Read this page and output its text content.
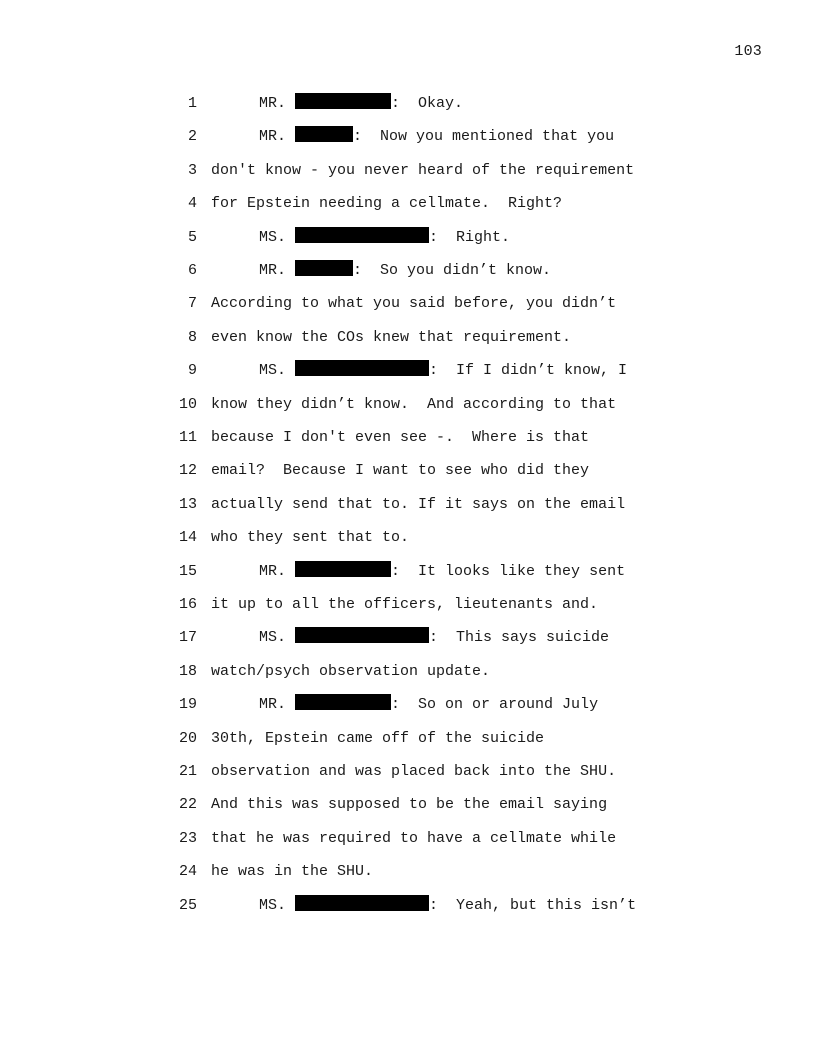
103
1	MR.	:  Okay.
2	MR.	:  Now you mentioned that you
3 don't know - you never heard of the requirement
4 for Epstein needing a cellmate.  Right?
5	MS.	:  Right.
6	MR.	:  So you didn’t know.
7 According to what you said before, you didn’t
8 even know the COs knew that requirement.
9	MS.	:  If I didn’t know, I
10 know they didn’t know.  And according to that
11 because I don't even see -.  Where is that
12 email?  Because I want to see who did they
13 actually send that to. If it says on the email
14 who they sent that to.
15	MR.	:  It looks like they sent
16 it up to all the officers, lieutenants and.
17	MS.	:  This says suicide
18 watch/psych observation update.
19	MR.	:  So on or around July
20 30th, Epstein came off of the suicide
21 observation and was placed back into the SHU.
22 And this was supposed to be the email saying
23 that he was required to have a cellmate while
24 he was in the SHU.
25	MS.	:  Yeah, but this isn’t
